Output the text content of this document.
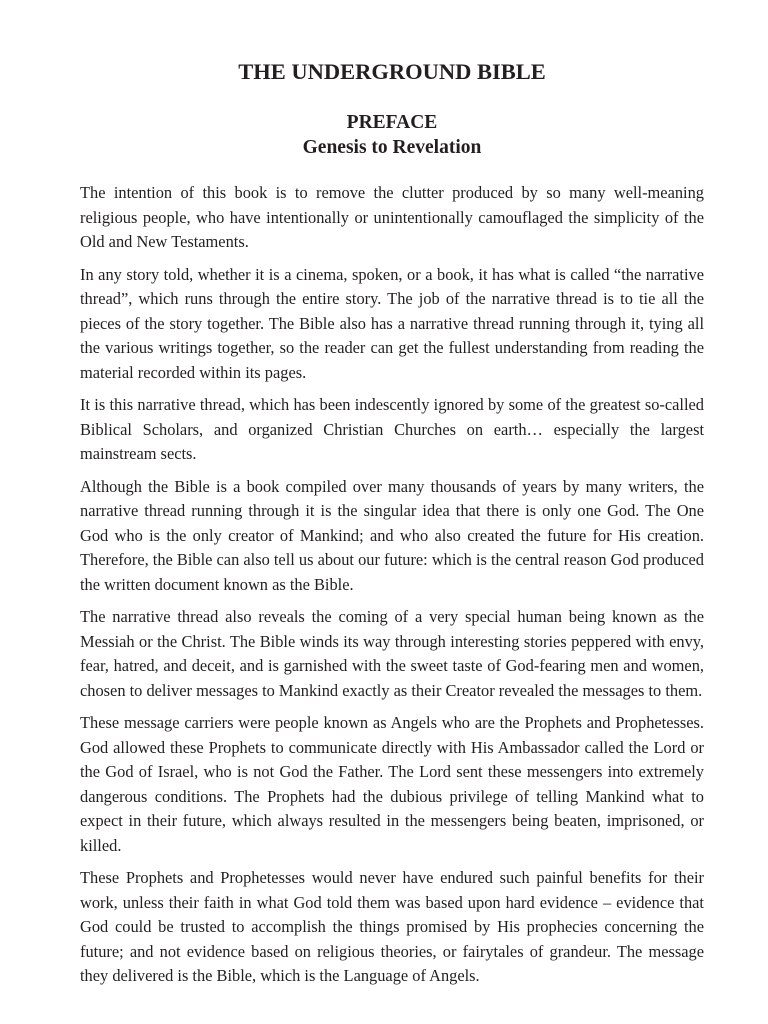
THE UNDERGROUND BIBLE
PREFACE
Genesis to Revelation

The intention of this book is to remove the clutter produced by so many well-meaning religious people, who have intentionally or unintentionally camouflaged the simplicity of the Old and New Testaments.

In any story told, whether it is a cinema, spoken, or a book, it has what is called “the narrative thread”, which runs through the entire story. The job of the narrative thread is to tie all the pieces of the story together. The Bible also has a narrative thread running through it, tying all the various writings together, so the reader can get the fullest understanding from reading the material recorded within its pages.

It is this narrative thread, which has been indescently ignored by some of the greatest so-called Biblical Scholars, and organized Christian Churches on earth… especially the largest mainstream sects.

Although the Bible is a book compiled over many thousands of years by many writers, the narrative thread running through it is the singular idea that there is only one God. The One God who is the only creator of Mankind; and who also created the future for His creation. Therefore, the Bible can also tell us about our future: which is the central reason God produced the written document known as the Bible.

The narrative thread also reveals the coming of a very special human being known as the Messiah or the Christ. The Bible winds its way through interesting stories peppered with envy, fear, hatred, and deceit, and is garnished with the sweet taste of God-fearing men and women, chosen to deliver messages to Mankind exactly as their Creator revealed the messages to them.

These message carriers were people known as Angels who are the Prophets and Prophetesses. God allowed these Prophets to communicate directly with His Ambassador called the Lord or the God of Israel, who is not God the Father. The Lord sent these messengers into extremely dangerous conditions. The Prophets had the dubious privilege of telling Mankind what to expect in their future, which always resulted in the messengers being beaten, imprisoned, or killed.

These Prophets and Prophetesses would never have endured such painful benefits for their work, unless their faith in what God told them was based upon hard evidence – evidence that God could be trusted to accomplish the things promised by His prophecies concerning the future; and not evidence based on religious theories, or fairytales of grandeur. The message they delivered is the Bible, which is the Language of Angels.
